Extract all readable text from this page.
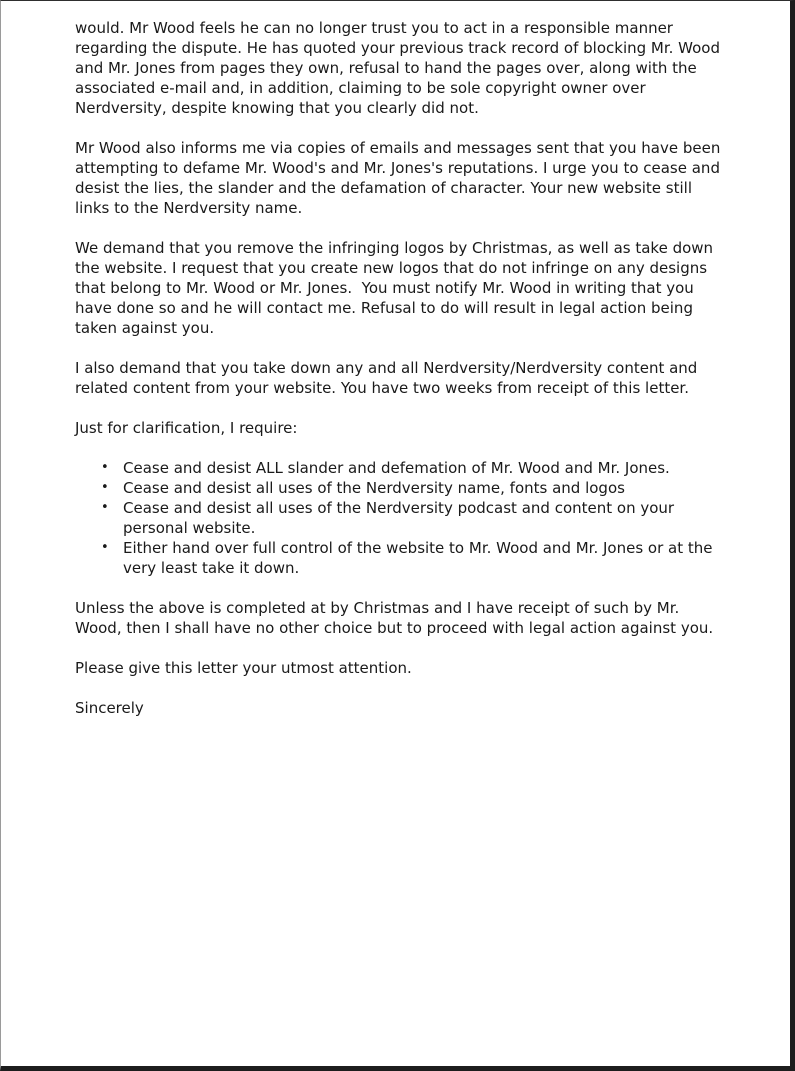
would. Mr Wood feels he can no longer trust you to act in a responsible manner regarding the dispute. He has quoted your previous track record of blocking Mr. Wood and Mr. Jones from pages they own, refusal to hand the pages over, along with the associated e-mail and, in addition, claiming to be sole copyright owner over Nerdversity, despite knowing that you clearly did not.

Mr Wood also informs me via copies of emails and messages sent that you have been attempting to defame Mr. Wood's and Mr. Jones's reputations. I urge you to cease and desist the lies, the slander and the defamation of character. Your new website still links to the Nerdversity name.

We demand that you remove the infringing logos by Christmas, as well as take down the website. I request that you create new logos that do not infringe on any designs that belong to Mr. Wood or Mr. Jones.  You must notify Mr. Wood in writing that you have done so and he will contact me. Refusal to do will result in legal action being taken against you.

I also demand that you take down any and all Nerdversity/Nerdversity content and related content from your website. You have two weeks from receipt of this letter.

Just for clarification, I require:

• Cease and desist ALL slander and defemation of Mr. Wood and Mr. Jones.
• Cease and desist all uses of the Nerdversity name, fonts and logos
• Cease and desist all uses of the Nerdversity podcast and content on your personal website.
• Either hand over full control of the website to Mr. Wood and Mr. Jones or at the very least take it down.

Unless the above is completed at by Christmas and I have receipt of such by Mr. Wood, then I shall have no other choice but to proceed with legal action against you.

Please give this letter your utmost attention.

Sincerely
